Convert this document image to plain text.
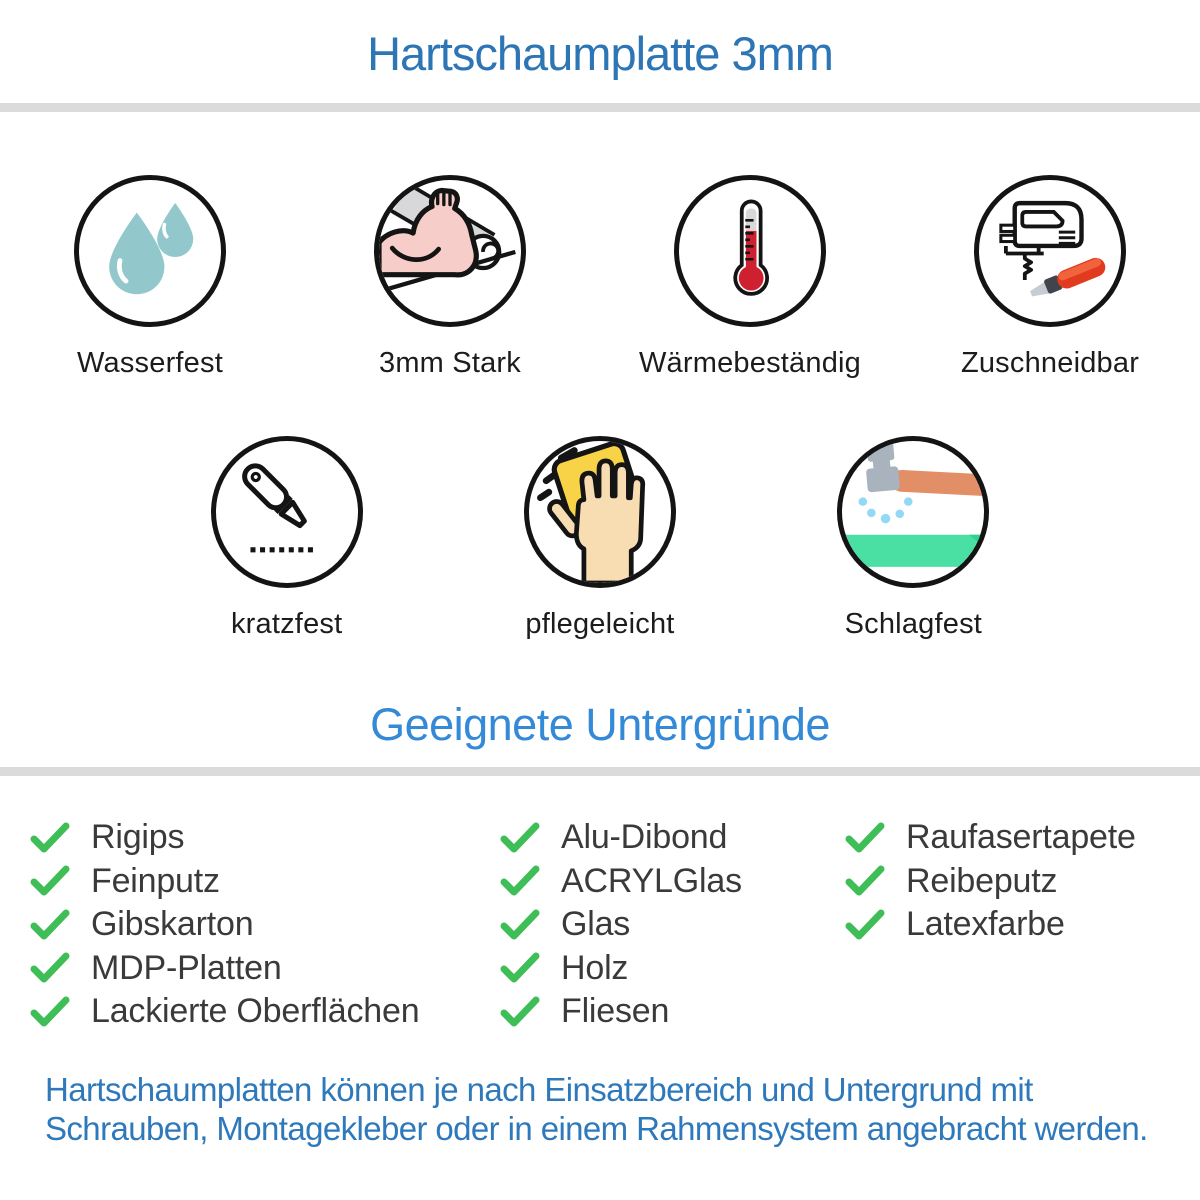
Hartschaumplatte 3mm
Wasserfest	3mm Stark	Wärmebeständig	Zuschneidbar
kratzfest	pflegeleicht	Schlagfest
Geeignete Untergründe
Rigips
Feinputz
Gibskarton
MDP-Platten
Lackierte Oberflächen
Alu-Dibond
ACRYLGlas
Glas
Holz
Fliesen
Raufasertapete
Reibeputz
Latexfarbe

Hartschaumplatten können je nach Einsatzbereich und Untergrund mit
Schrauben, Montagekleber oder in einem Rahmensystem angebracht werden.
